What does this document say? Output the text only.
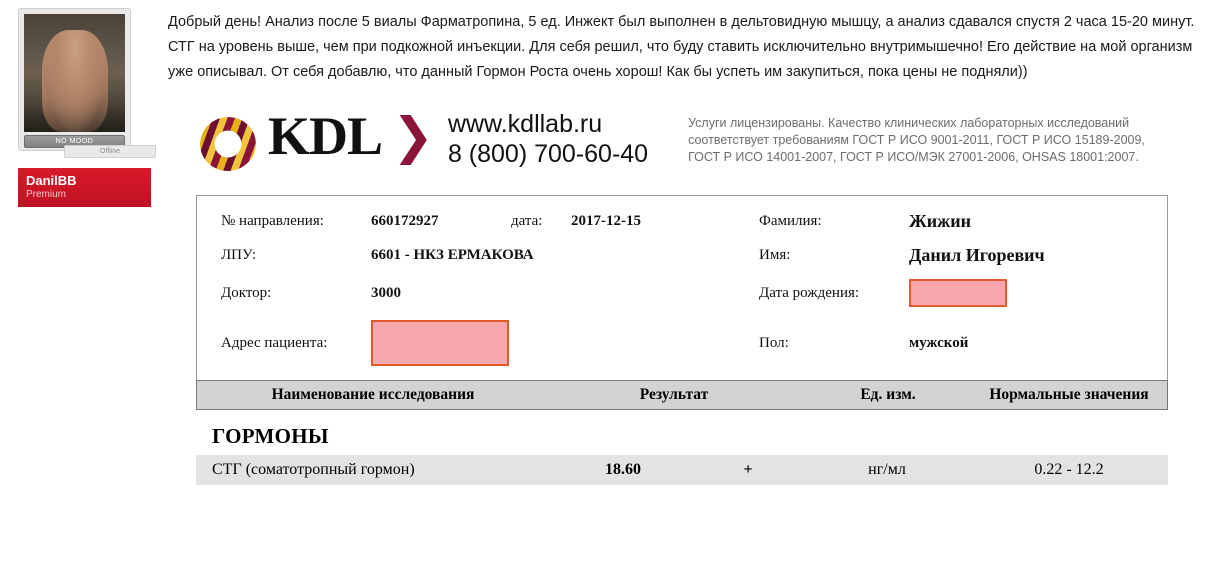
NO MOOD
Offline
DanilBB
Premium

Добрый день! Анализ после 5 виалы Фарматропина, 5 ед. Инжект был выполнен в дельтовидную мышцу, а анализ сдавался спустя 2 часа 15-20 минут. СТГ на уровень выше, чем при подкожной инъекции. Для себя решил, что буду ставить исключительно внутримышечно! Его действие на мой организм уже описывал. От себя добавлю, что данный Гормон Роста очень хорош! Как бы успеть им закупиться, пока цены не подняли))

KDL ❯ www.kdllab.ru
8 (800) 700-60-40
Услуги лицензированы. Качество клинических лабораторных исследований соответствует требованиям ГОСТ Р ИСО 9001-2011, ГОСТ Р ИСО 15189-2009, ГОСТ Р ИСО 14001-2007, ГОСТ Р ИСО/МЭК 27001-2006, OHSAS 18001:2007.
№ направления:	660172927	дата:	2017-12-15	Фамилия:	Жижин
ЛПУ:	6601 - НКЗ ЕРМАКОВА			Имя:	Данил Игоревич
Доктор:	3000			Дата рождения:	
Адрес пациента:				Пол:	мужской
Наименование исследования	Результат	Ед. изм.	Нормальные значения
ГОРМОНЫ
СТГ (соматотропный гормон)	18.60	+	нг/мл	0.22 - 12.2
